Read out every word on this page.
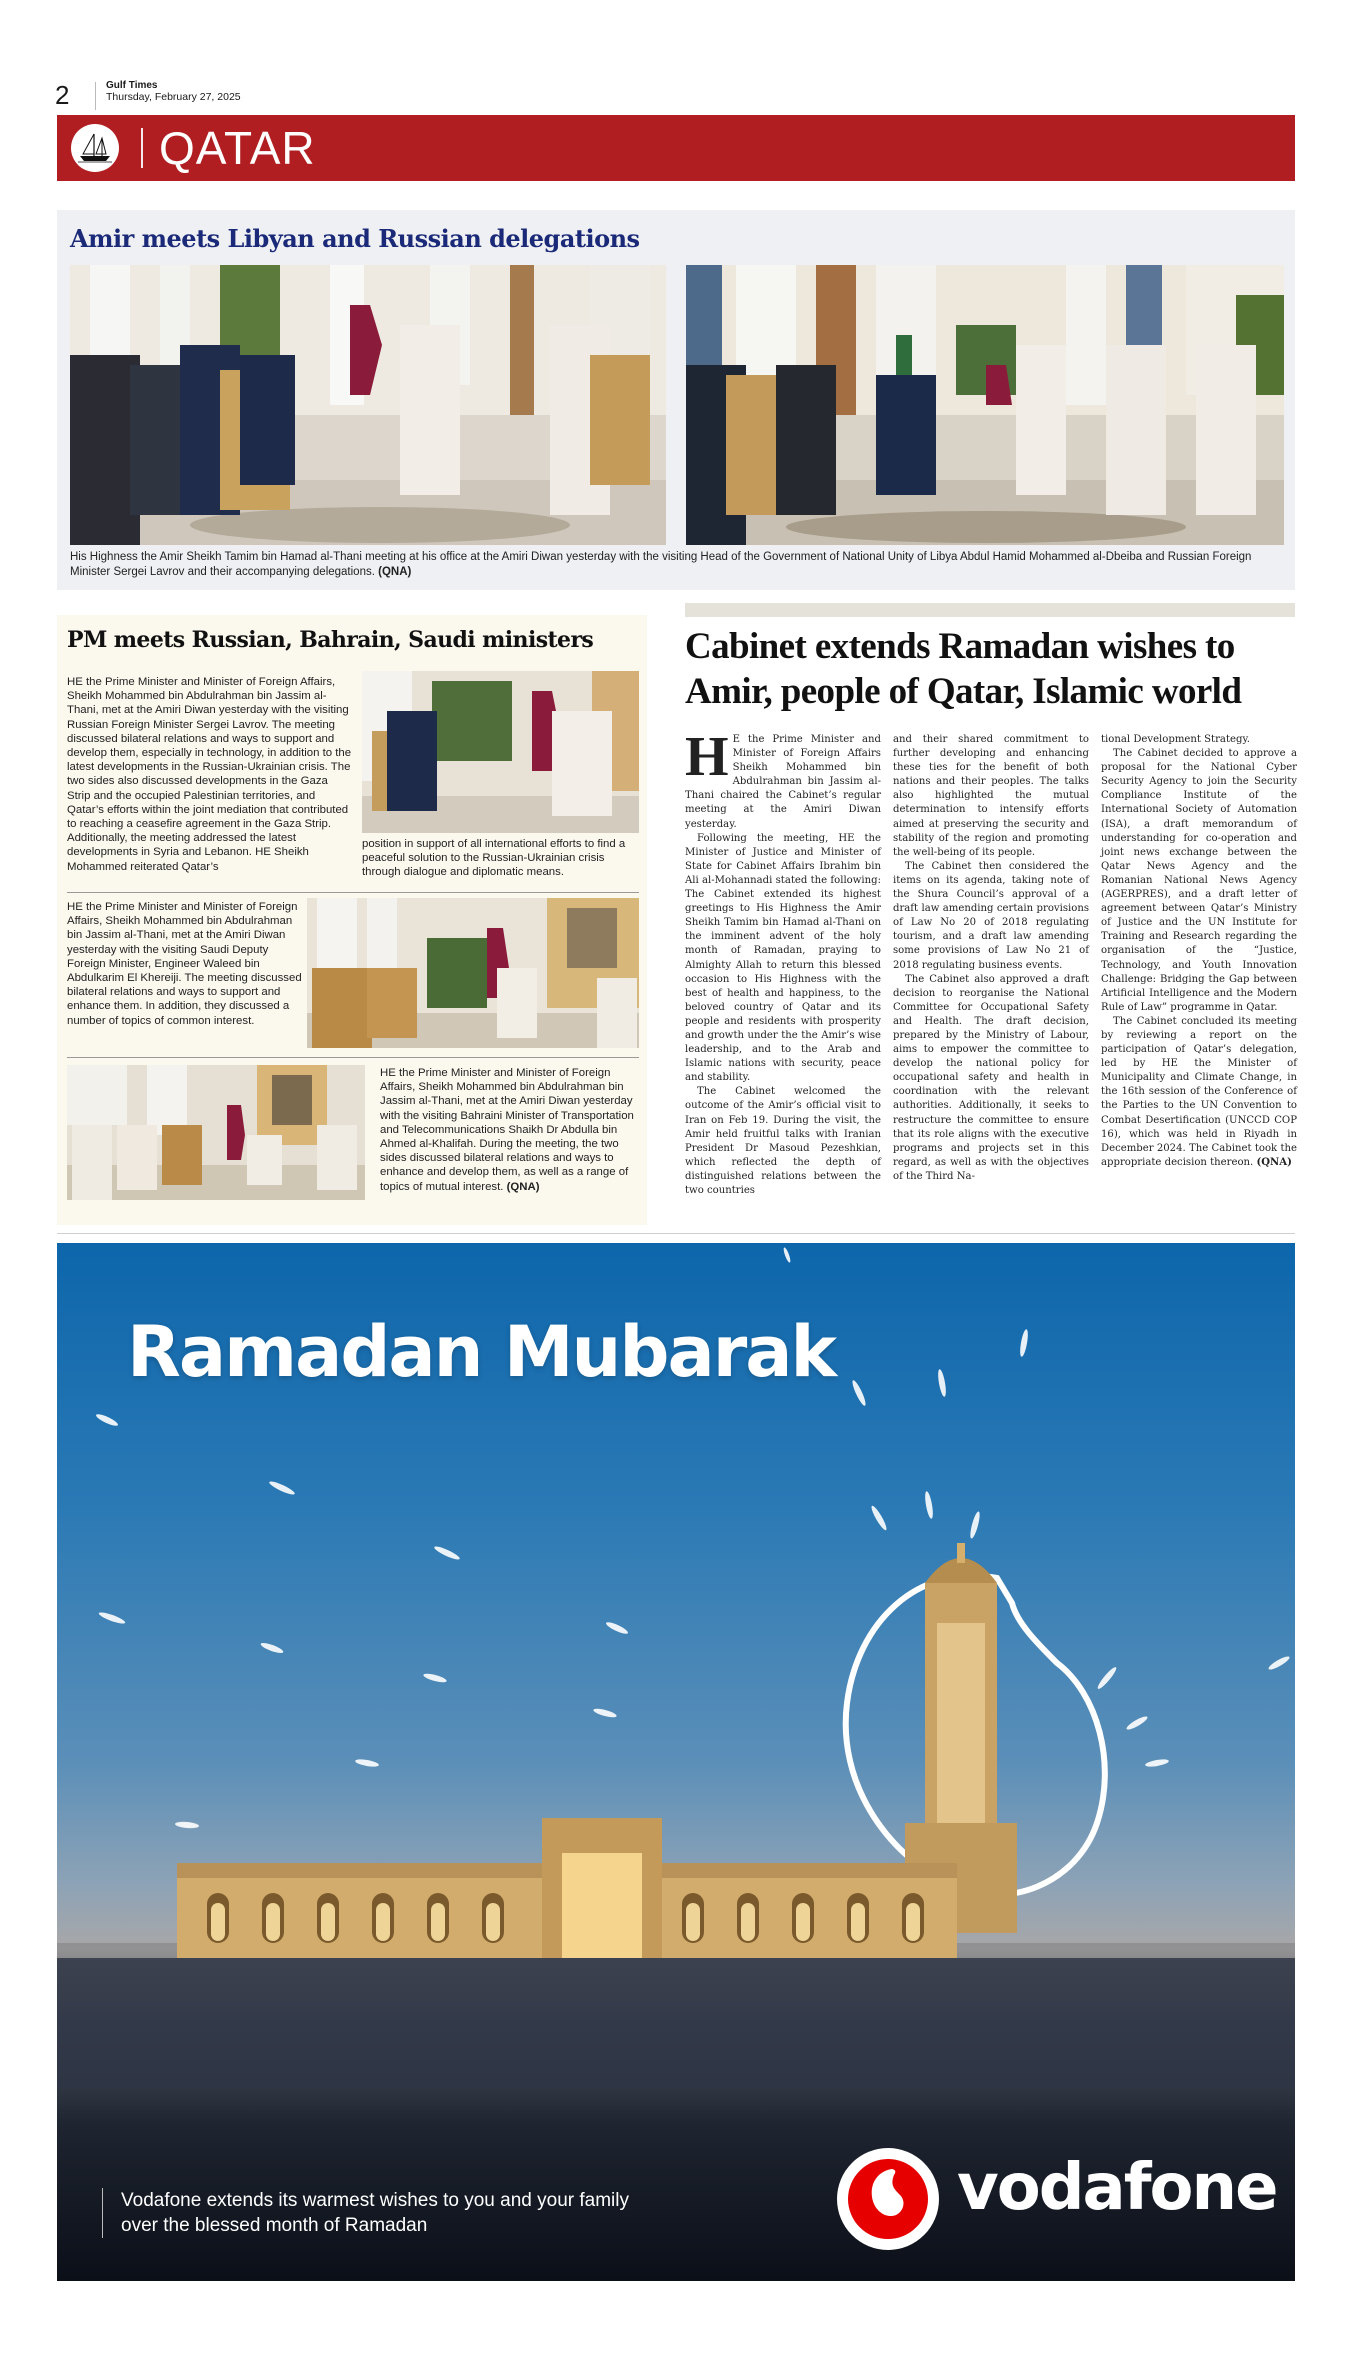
2	Gulf Times
Thursday, February 27, 2025
QATAR
Amir meets Libyan and Russian delegations
His Highness the Amir Sheikh Tamim bin Hamad al-Thani meeting at his office at the Amiri Diwan yesterday with the visiting Head of the Government of National Unity of Libya Abdul Hamid Mohammed al-Dbeiba and Russian Foreign Minister Sergei Lavrov and their accompanying delegations. (QNA)
PM meets Russian, Bahrain, Saudi ministers
HE the Prime Minister and Minister of Foreign Affairs, Sheikh Mohammed bin Abdulrahman bin Jassim al-Thani, met at the Amiri Diwan yesterday with the visiting Russian Foreign Minister Sergei Lavrov. The meeting discussed bilateral relations and ways to support and develop them, especially in technology, in addition to the latest developments in the Russian-Ukrainian crisis. The two sides also discussed developments in the Gaza Strip and the occupied Palestinian territories, and Qatar’s efforts within the joint mediation that contributed to reaching a ceasefire agreement in the Gaza Strip. Additionally, the meeting addressed the latest developments in Syria and Lebanon. HE Sheikh Mohammed reiterated Qatar’s
position in support of all international efforts to find a peaceful solution to the Russian-Ukrainian crisis through dialogue and diplomatic means.
HE the Prime Minister and Minister of Foreign Affairs, Sheikh Mohammed bin Abdulrahman bin Jassim al-Thani, met at the Amiri Diwan yesterday with the visiting Saudi Deputy Foreign Minister, Engineer Waleed bin Abdulkarim El Khereiji. The meeting discussed bilateral relations and ways to support and enhance them. In addition, they discussed a number of topics of common interest.
HE the Prime Minister and Minister of Foreign Affairs, Sheikh Mohammed bin Abdulrahman bin Jassim al-Thani, met at the Amiri Diwan yesterday with the visiting Bahraini Minister of Transportation and Telecommunications Shaikh Dr Abdulla bin Ahmed al-Khalifah. During the meeting, the two sides discussed bilateral relations and ways to enhance and develop them, as well as a range of topics of mutual interest. (QNA)
Cabinet extends Ramadan wishes to Amir, people of Qatar, Islamic world

H E the Prime Minister and Minister of Foreign Affairs Sheikh Mohammed bin Abdulrahman bin Jassim al-Thani chaired the Cabinet’s regular meeting at the Amiri Diwan yesterday.

Following the meeting, HE the Minister of Justice and Minister of State for Cabinet Affairs Ibrahim bin Ali al-Mohannadi stated the following: The Cabinet extended its highest greetings to His Highness the Amir Sheikh Tamim bin Hamad al-Thani on the imminent advent of the holy month of Ramadan, praying to Almighty Allah to return this blessed occasion to His Highness with the best of health and happiness, to the beloved country of Qatar and its people and residents with prosperity and growth under the the Amir’s wise leadership, and to the Arab and Islamic nations with security, peace and stability.

The Cabinet welcomed the outcome of the Amir’s official visit to Iran on Feb 19. During the visit, the Amir held fruitful talks with Iranian President Dr Masoud Pezeshkian, which reflected the depth of distinguished relations between the two countries

and their shared commitment to further developing and enhancing these ties for the benefit of both nations and their peoples. The talks also highlighted the mutual determination to intensify efforts aimed at preserving the security and stability of the region and promoting the well-being of its people.

The Cabinet then considered the items on its agenda, taking note of the Shura Council’s approval of a draft law amending certain provisions of Law No 20 of 2018 regulating tourism, and a draft law amending some provisions of Law No 21 of 2018 regulating business events.

The Cabinet also approved a draft decision to reorganise the National Committee for Occupational Safety and Health. The draft decision, prepared by the Ministry of Labour, aims to empower the committee to develop the national policy for occupational safety and health in coordination with the relevant authorities. Additionally, it seeks to restructure the committee to ensure that its role aligns with the executive programs and projects set in this regard, as well as with the objectives of the Third Na-

tional Development Strategy.

The Cabinet decided to approve a proposal for the National Cyber Security Agency to join the Security Compliance Institute of the International Society of Automation (ISA), a draft memorandum of understanding for co-operation and joint news exchange between the Qatar News Agency and the Romanian National News Agency (AGERPRES), and a draft letter of agreement between Qatar’s Ministry of Justice and the UN Institute for Training and Research regarding the organisation of the “Justice, Technology, and Youth Innovation Challenge: Bridging the Gap between Artificial Intelligence and the Modern Rule of Law” programme in Qatar.

The Cabinet concluded its meeting by reviewing a report on the participation of Qatar’s delegation, led by HE the Minister of Municipality and Climate Change, in the 16th session of the Conference of the Parties to the UN Convention to Combat Desertification (UNCCD COP 16), which was held in Riyadh in December 2024. The Cabinet took the appropriate decision thereon. (QNA)

Ramadan Mubarak
Vodafone extends its warmest wishes to you and your family over the blessed month of Ramadan
vodafone
